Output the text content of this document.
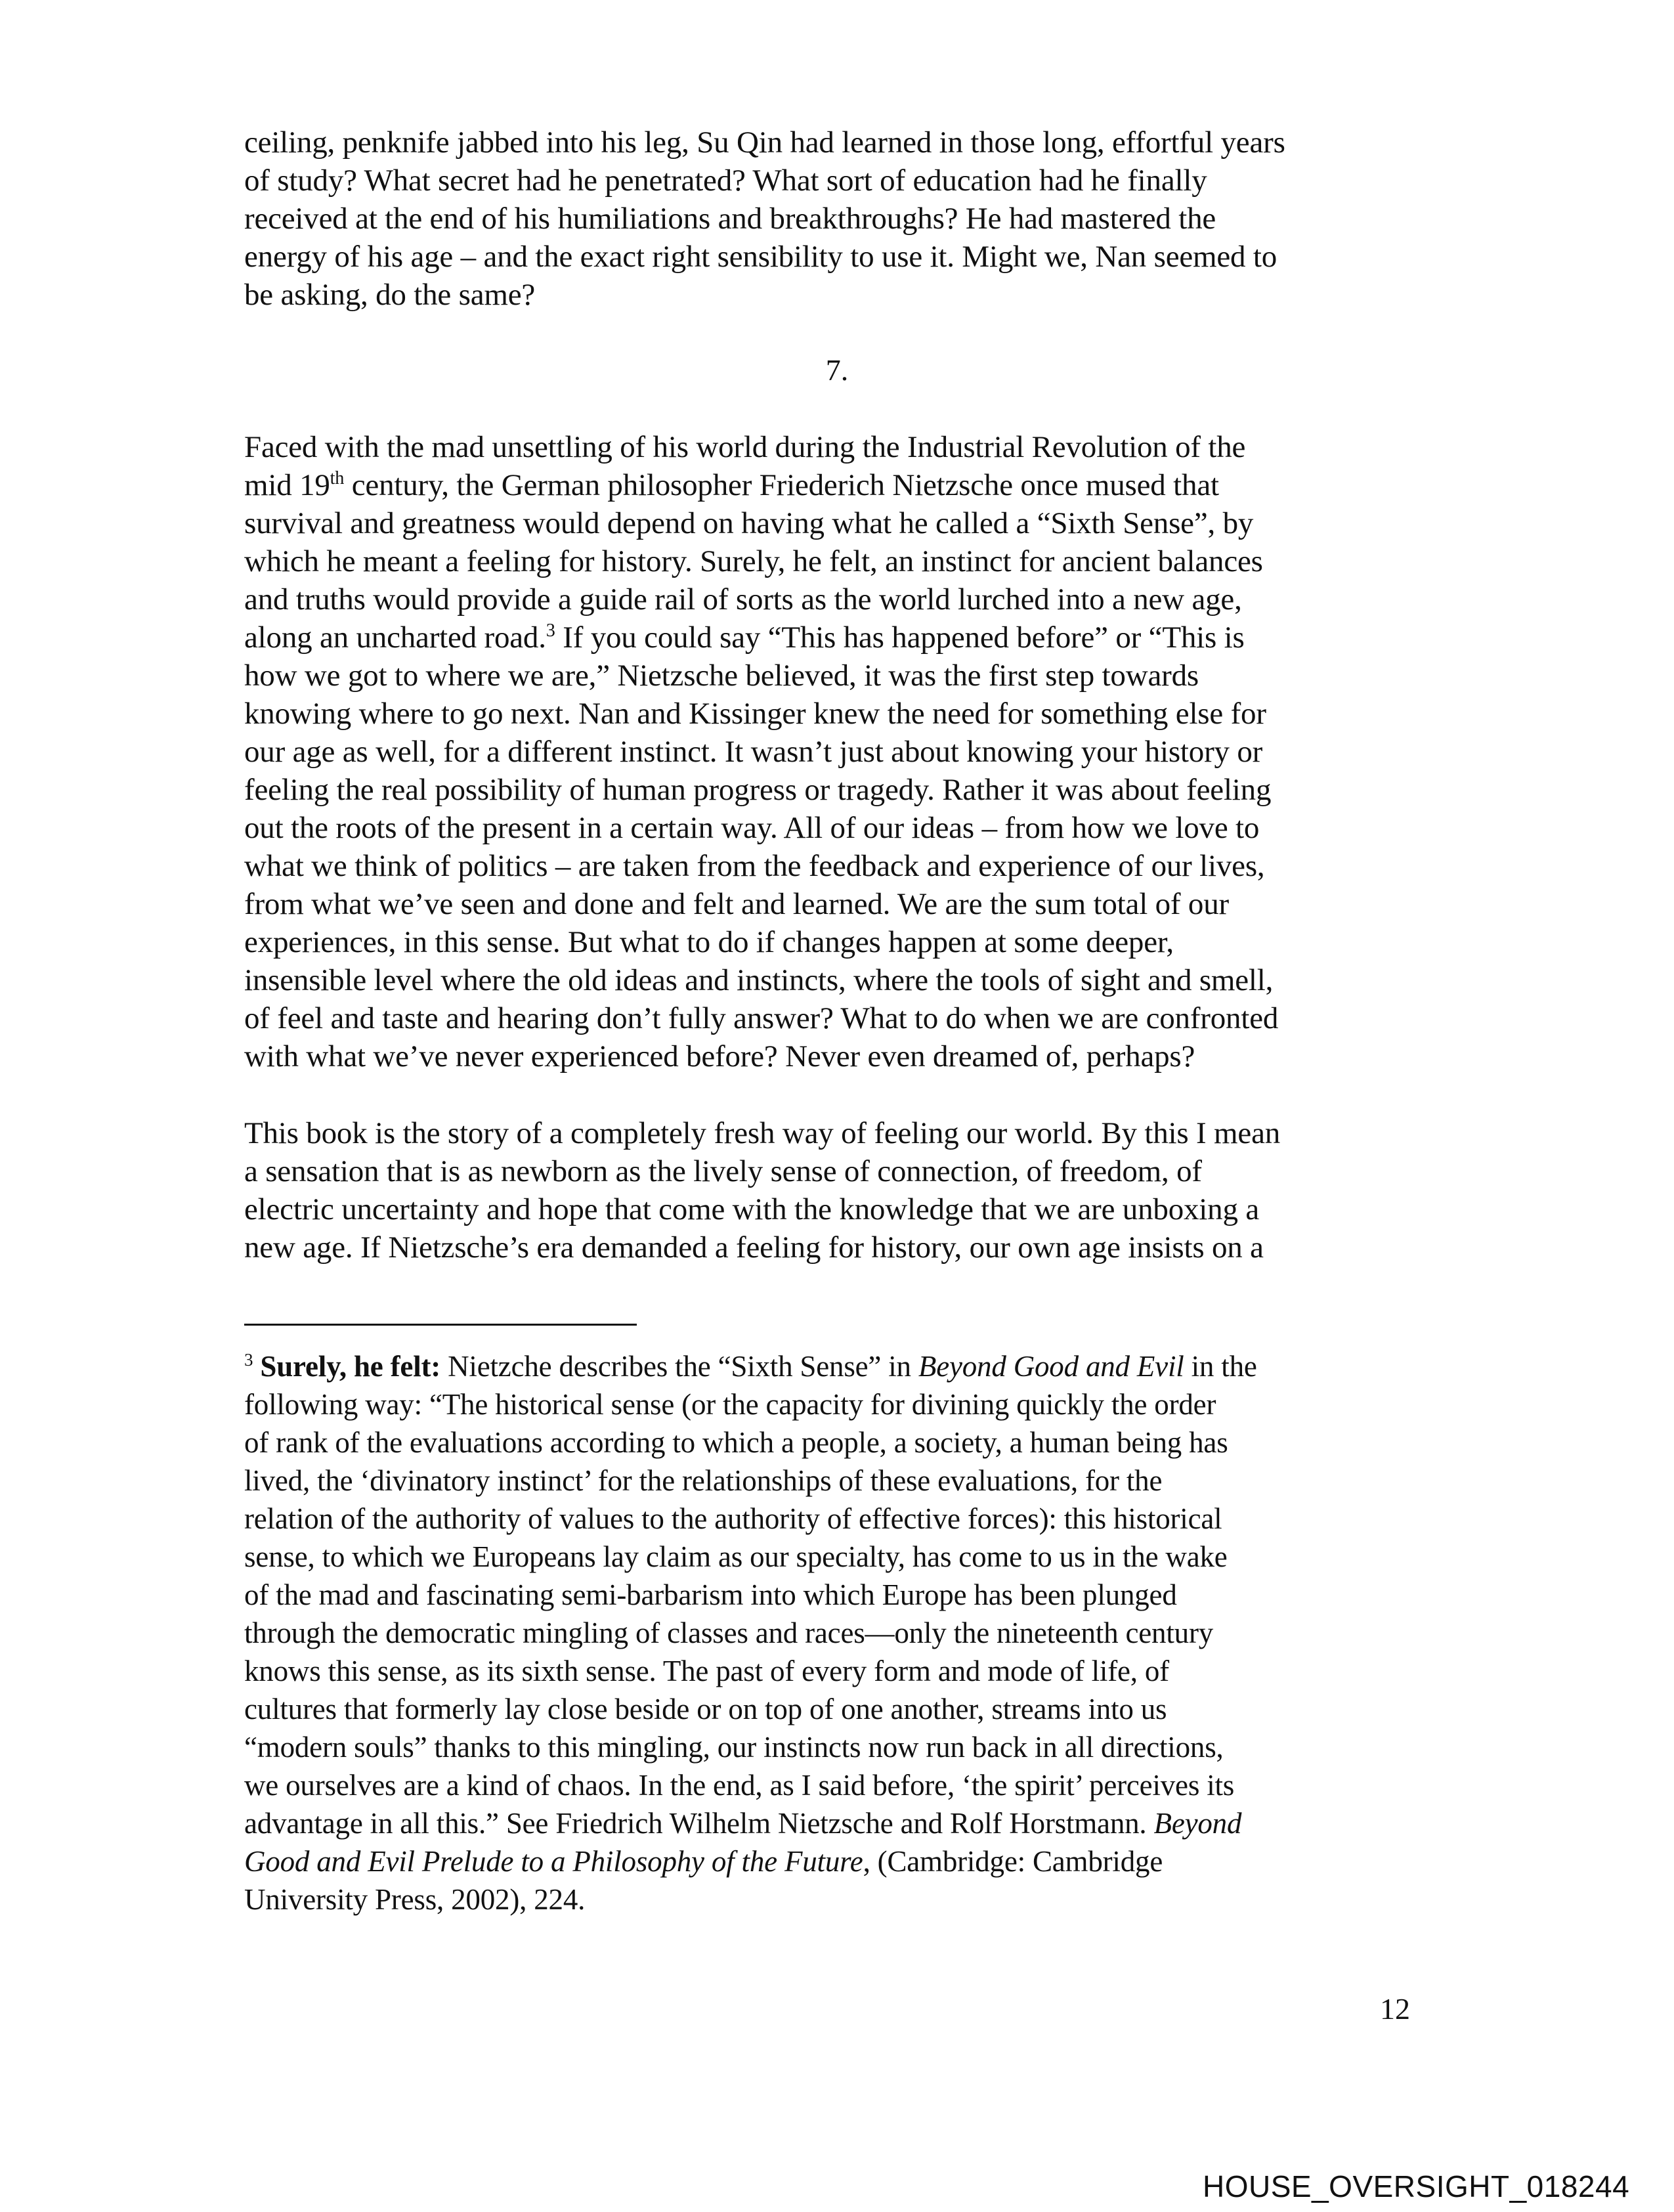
ceiling, penknife jabbed into his leg, Su Qin had learned in those long, effortful years
of study? What secret had he penetrated? What sort of education had he finally
received at the end of his humiliations and breakthroughs? He had mastered the
energy of his age – and the exact right sensibility to use it. Might we, Nan seemed to
be asking, do the same?
7.
Faced with the mad unsettling of his world during the Industrial Revolution of the
mid 19th century, the German philosopher Friederich Nietzsche once mused that
survival and greatness would depend on having what he called a “Sixth Sense”, by
which he meant a feeling for history. Surely, he felt, an instinct for ancient balances
and truths would provide a guide rail of sorts as the world lurched into a new age,
along an uncharted road.$^3$ If you could say “This has happened before” or “This is
how we got to where we are,” Nietzsche believed, it was the first step towards
knowing where to go next. Nan and Kissinger knew the need for something else for
our age as well, for a different instinct. It wasn’t just about knowing your history or
feeling the real possibility of human progress or tragedy. Rather it was about feeling
out the roots of the present in a certain way. All of our ideas – from how we love to
what we think of politics – are taken from the feedback and experience of our lives,
from what we’ve seen and done and felt and learned. We are the sum total of our
experiences, in this sense. But what to do if changes happen at some deeper,
insensible level where the old ideas and instincts, where the tools of sight and smell,
of feel and taste and hearing don’t fully answer? What to do when we are confronted
with what we’ve never experienced before? Never even dreamed of, perhaps?
This book is the story of a completely fresh way of feeling our world. By this I mean
a sensation that is as newborn as the lively sense of connection, of freedom, of
electric uncertainty and hope that come with the knowledge that we are unboxing a
new age. If Nietzsche’s era demanded a feeling for history, our own age insists on a
$^3$ Surely, he felt: Nietzche describes the “Sixth Sense” in Beyond Good and Evil in the
following way: “The historical sense (or the capacity for divining quickly the order
of rank of the evaluations according to which a people, a society, a human being has
lived, the ‘divinatory instinct’ for the relationships of these evaluations, for the
relation of the authority of values to the authority of effective forces): this historical
sense, to which we Europeans lay claim as our specialty, has come to us in the wake
of the mad and fascinating semi-barbarism into which Europe has been plunged
through the democratic mingling of classes and races—only the nineteenth century
knows this sense, as its sixth sense. The past of every form and mode of life, of
cultures that formerly lay close beside or on top of one another, streams into us
“modern souls” thanks to this mingling, our instincts now run back in all directions,
we ourselves are a kind of chaos. In the end, as I said before, ‘the spirit’ perceives its
advantage in all this.” See Friedrich Wilhelm Nietzsche and Rolf Horstmann. Beyond
Good and Evil Prelude to a Philosophy of the Future, (Cambridge: Cambridge
University Press, 2002), 224.
12
HOUSE_OVERSIGHT_018244
